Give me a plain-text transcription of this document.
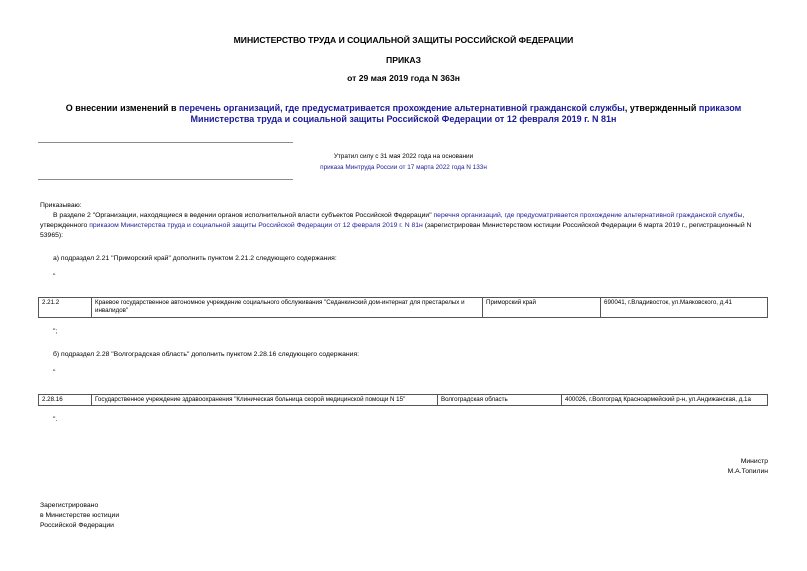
МИНИСТЕРСТВО ТРУДА И СОЦИАЛЬНОЙ ЗАЩИТЫ РОССИЙСКОЙ ФЕДЕРАЦИИ
ПРИКАЗ
от 29 мая 2019 года N 363н
О внесении изменений в перечень организаций, где предусматривается прохождение альтернативной гражданской службы, утвержденный приказом Министерства труда и социальной защиты Российской Федерации от 12 февраля 2019 г. N 81н
Утратил силу с 31 мая 2022 года на основании
приказа Минтруда России от 17 марта 2022 года N 133н
Приказываю:
В разделе 2 "Организации, находящиеся в ведении органов исполнительной власти субъектов Российской Федерации" перечня организаций, где предусматривается прохождение альтернативной гражданской службы, утвержденного приказом Министерства труда и социальной защиты Российской Федерации от 12 февраля 2019 г. N 81н (зарегистрирован Министерством юстиции Российской Федерации 6 марта 2019 г., регистрационный N 53965):
а) подраздел 2.21 "Приморский край" дополнить пунктом 2.21.2 следующего содержания:
"
2.21.2	Краевое государственное автономное учреждение социального обслуживания "Седанкинский дом-интернат для престарелых и инвалидов"	Приморский край	690041, г.Владивосток, ул.Маяковского, д.41
";
б) подраздел 2.28 "Волгоградская область" дополнить пунктом 2.28.16 следующего содержания:
"
2.28.16	Государственное учреждение здравоохранения "Клиническая больница скорой медицинской помощи N 15"	Волгоградская область	400026, г.Волгоград Красноармейский р-н, ул.Андижанская, д.1а
".
Министр
М.А.Топилин
Зарегистрировано
в Министерстве юстиции
Российской Федерации
